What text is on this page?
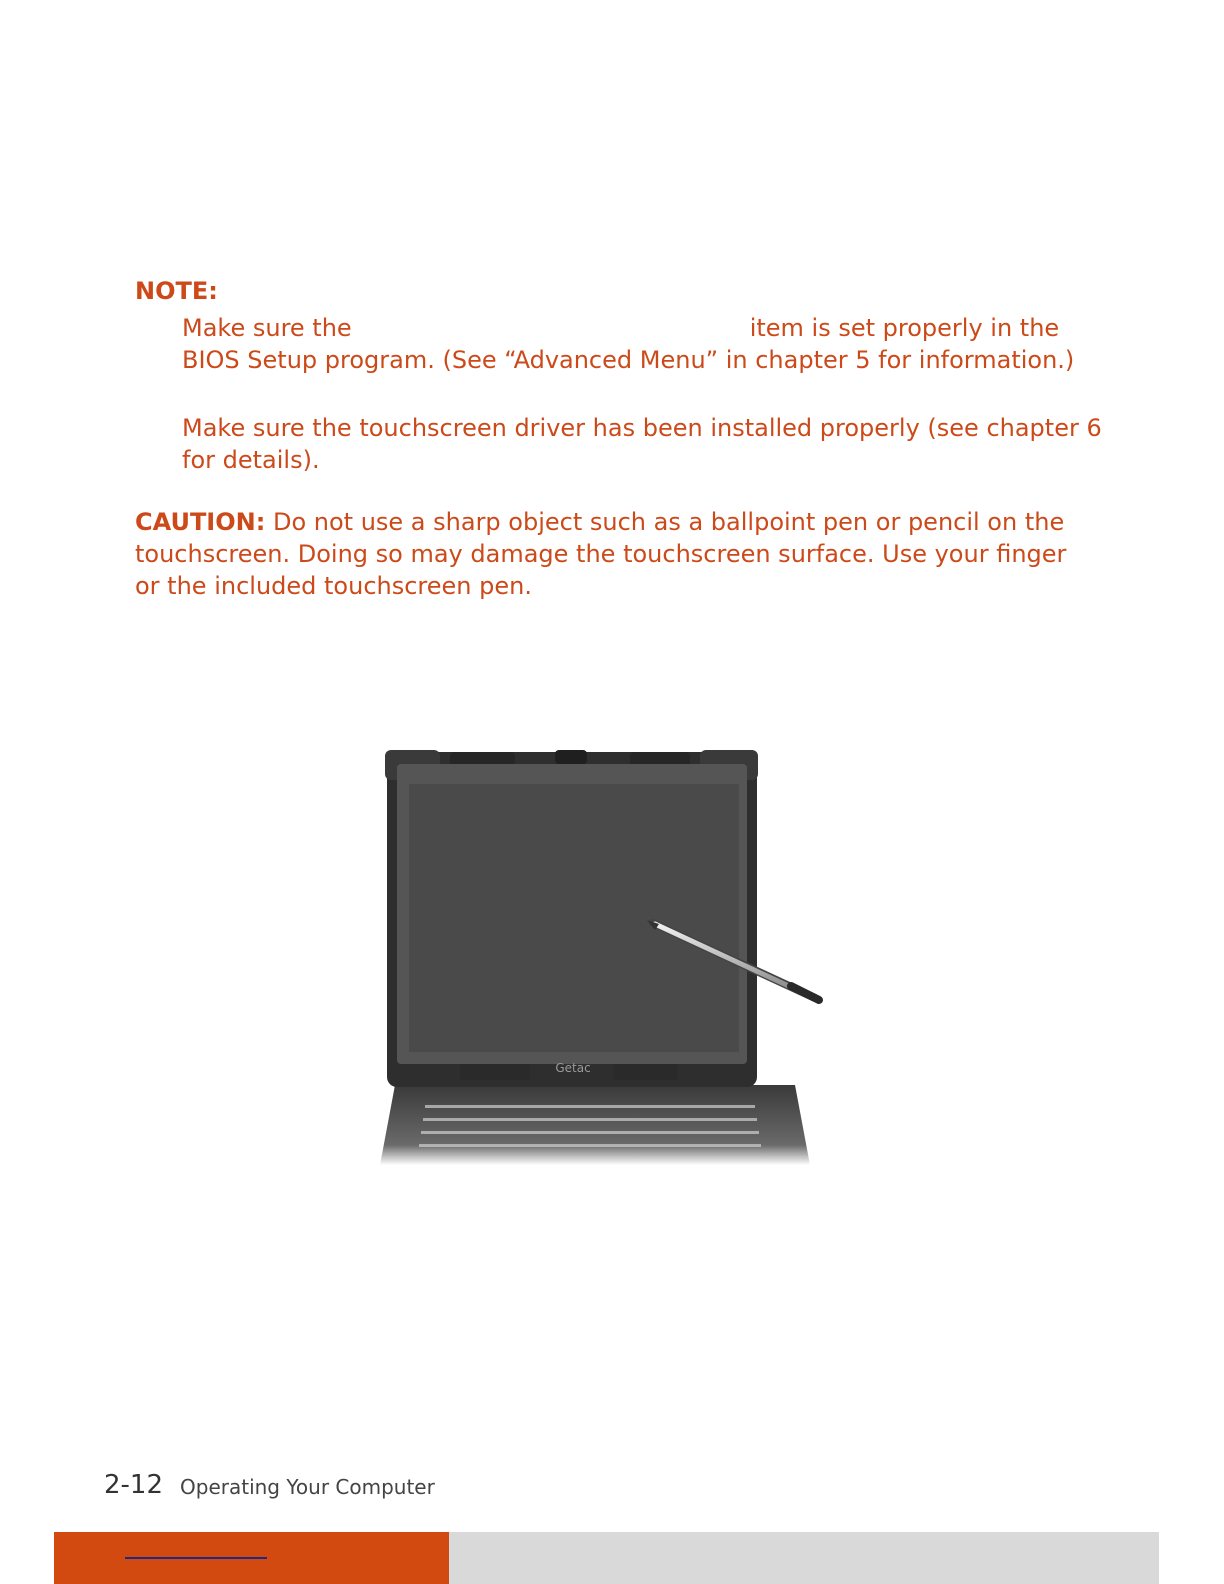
NOTE:
Make sure the	item is set properly in the BIOS Setup program. (See “Advanced Menu” in chapter 5 for information.)
Make sure the touchscreen driver has been installed properly (see chapter 6 for details).
CAUTION: Do not use a sharp object such as a ballpoint pen or pencil on the touchscreen. Doing so may damage the touchscreen surface. Use your finger or the included touchscreen pen.
Getac
2-12 Operating Your Computer
